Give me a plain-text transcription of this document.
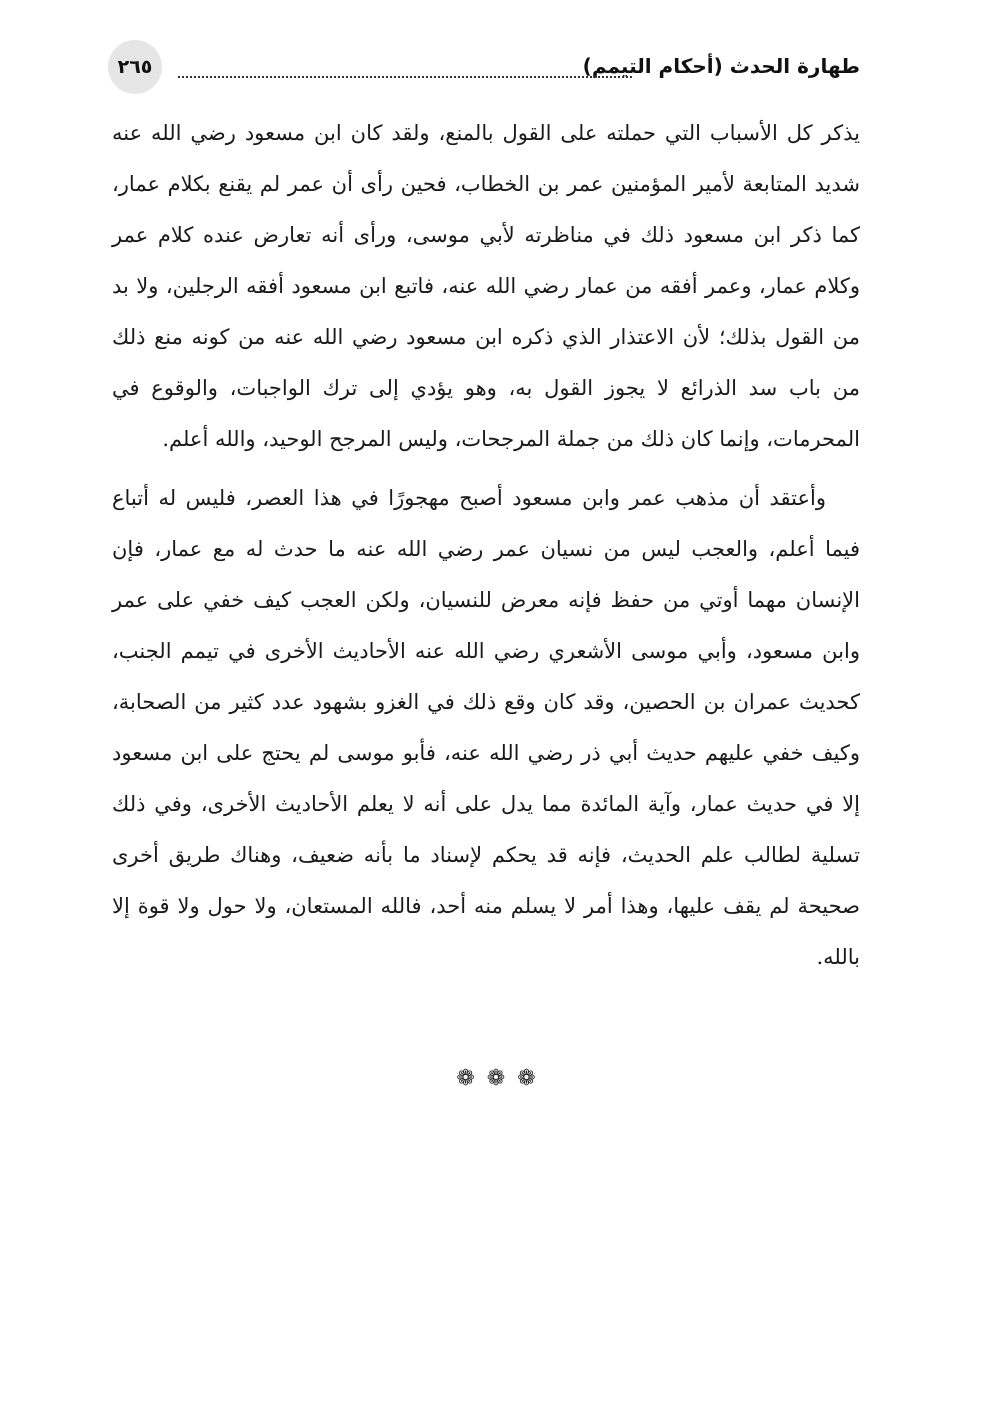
طهارة الحدث (أحكام التيمم)
٢٦٥

يذكر كل الأسباب التي حملته على القول بالمنع، ولقد كان ابن مسعود رضي الله عنه شديد المتابعة لأمير المؤمنين عمر بن الخطاب، فحين رأى أن عمر لم يقنع بكلام عمار، كما ذكر ابن مسعود ذلك في مناظرته لأبي موسى، ورأى أنه تعارض عنده كلام عمر وكلام عمار، وعمر أفقه من عمار رضي الله عنه، فاتبع ابن مسعود أفقه الرجلين، ولا بد من القول بذلك؛ لأن الاعتذار الذي ذكره ابن مسعود رضي الله عنه من كونه منع ذلك من باب سد الذرائع لا يجوز القول به، وهو يؤدي إلى ترك الواجبات، والوقوع في المحرمات، وإنما كان ذلك من جملة المرجحات، وليس المرجح الوحيد، والله أعلم.

وأعتقد أن مذهب عمر وابن مسعود أصبح مهجورًا في هذا العصر، فليس له أتباع فيما أعلم، والعجب ليس من نسيان عمر رضي الله عنه ما حدث له مع عمار، فإن الإنسان مهما أوتي من حفظ فإنه معرض للنسيان، ولكن العجب كيف خفي على عمر وابن مسعود، وأبي موسى الأشعري رضي الله عنه الأحاديث الأخرى في تيمم الجنب، كحديث عمران بن الحصين، وقد كان وقع ذلك في الغزو بشهود عدد كثير من الصحابة، وكيف خفي عليهم حديث أبي ذر رضي الله عنه، فأبو موسى لم يحتج على ابن مسعود إلا في حديث عمار، وآية المائدة مما يدل على أنه لا يعلم الأحاديث الأخرى، وفي ذلك تسلية لطالب علم الحديث، فإنه قد يحكم لإسناد ما بأنه ضعيف، وهناك طريق أخرى صحيحة لم يقف عليها، وهذا أمر لا يسلم منه أحد، فالله المستعان، ولا حول ولا قوة إلا بالله.

❁❁❁
